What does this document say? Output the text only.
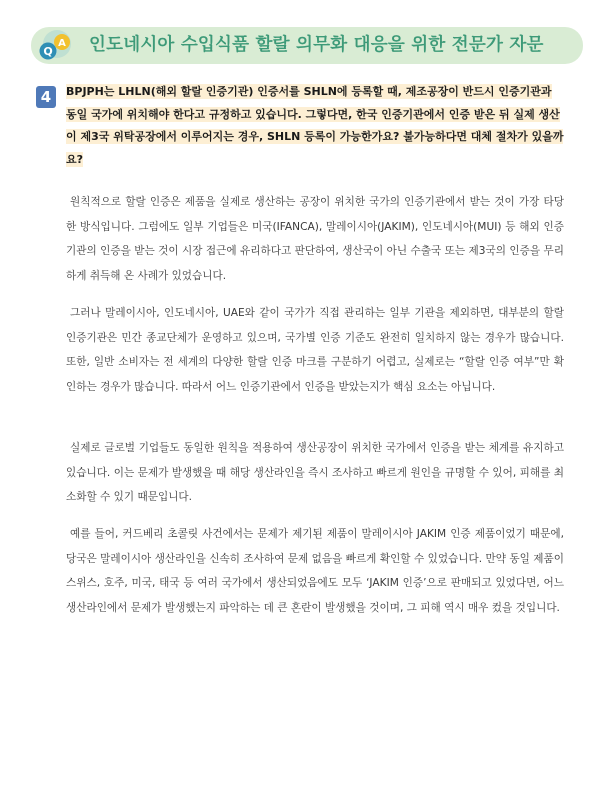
Q
A 인도네시아 수입식품 할랄 의무화 대응을 위한 전문가 자문
4	BPJPH는 LHLN(해외 할랄 인증기관) 인증서를 SHLN에 등록할 때, 제조공장이 반드시 인증기관과 동일 국가에 위치해야 한다고 규정하고 있습니다. 그렇다면, 한국 인증기관에서 인증 받은 뒤 실제 생산이 제3국 위탁공장에서 이루어지는 경우, SHLN 등록이 가능한가요? 불가능하다면 대체 절차가 있을까요?

원칙적으로 할랄 인증은 제품을 실제로 생산하는 공장이 위치한 국가의 인증기관에서 받는 것이 가장 타당한 방식입니다. 그럼에도 일부 기업들은 미국(IFANCA), 말레이시아(JAKIM), 인도네시아(MUI) 등 해외 인증기관의 인증을 받는 것이 시장 접근에 유리하다고 판단하여, 생산국이 아닌 수출국 또는 제3국의 인증을 무리하게 취득해 온 사례가 있었습니다.

그러나 말레이시아, 인도네시아, UAE와 같이 국가가 직접 관리하는 일부 기관을 제외하면, 대부분의 할랄 인증기관은 민간 종교단체가 운영하고 있으며, 국가별 인증 기준도 완전히 일치하지 않는 경우가 많습니다. 또한, 일반 소비자는 전 세계의 다양한 할랄 인증 마크를 구분하기 어렵고, 실제로는 “할랄 인증 여부”만 확인하는 경우가 많습니다. 따라서 어느 인증기관에서 인증을 받았는지가 핵심 요소는 아닙니다.

실제로 글로벌 기업들도 동일한 원칙을 적용하여 생산공장이 위치한 국가에서 인증을 받는 체계를 유지하고 있습니다. 이는 문제가 발생했을 때 해당 생산라인을 즉시 조사하고 빠르게 원인을 규명할 수 있어, 피해를 최소화할 수 있기 때문입니다.

예를 들어, 커드베리 초콜릿 사건에서는 문제가 제기된 제품이 말레이시아 JAKIM 인증 제품이었기 때문에, 당국은 말레이시아 생산라인을 신속히 조사하여 문제 없음을 빠르게 확인할 수 있었습니다. 만약 동일 제품이 스위스, 호주, 미국, 태국 등 여러 국가에서 생산되었음에도 모두 ‘JAKIM 인증’으로 판매되고 있었다면, 어느 생산라인에서 문제가 발생했는지 파악하는 데 큰 혼란이 발생했을 것이며, 그 피해 역시 매우 컸을 것입니다.
